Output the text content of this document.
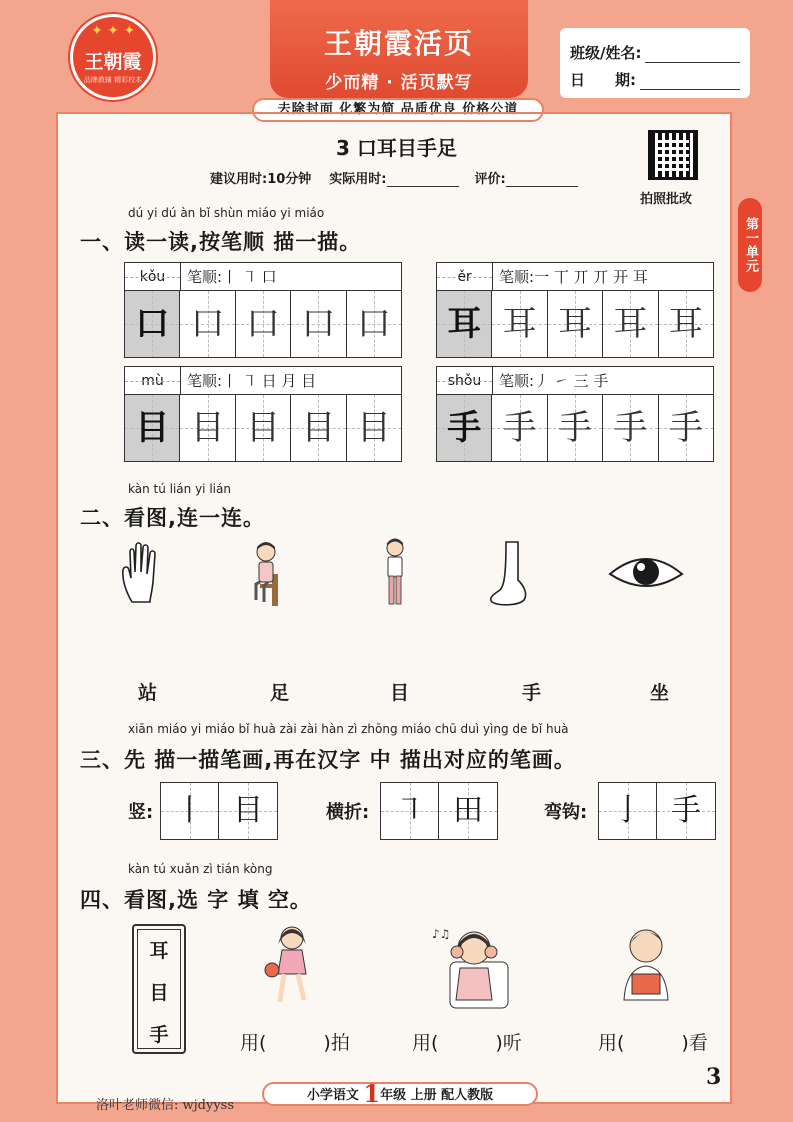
✦ ✦ ✦
王朝霞
品牌教辅 精彩校本
王朝霞活页
少而精 · 活页默写
班级/姓名:
日　　期:
去除封面 化繁为简 品质优良 价格公道
3 口耳目手足
建议用时:10分钟 实际用时:	评价:
拍照批改
第一单元
dú yi dú àn bǐ shùn miáo yi miáo
一、读一读,按笔顺 描一描。
kǒu	笔顺:丨 ㇕ 口
口 口 口 口 口
ěr	笔顺:一 丅 丌 丌 开 耳
耳 耳 耳 耳 耳
mù	笔顺:丨 ㇕ 日 月 目
目 目 目 目 目
shǒu	笔顺:丿 ㇀ 三 手
手 手 手 手 手
kàn tú lián yi lián
二、看图,连一连。
站	足	目	手	坐
xiān miáo yi miáo bǐ huà zài zài hàn zì zhōng miáo chū duì yìng de bǐ huà
三、先 描一描笔画,再在汉字 中 描出对应的笔画。
竖: 丨 目	横折: ㇕ 田	弯钩: 亅 手
kàn tú xuǎn zì tián kòng
四、看图,选 字 填 空。
耳
目
手
♪♫
用(　　　)拍	用(　　　)听	用(　　　)看
3
小学语文 1年级 上册 配人教版
洛叶老师微信: wjdyyss
